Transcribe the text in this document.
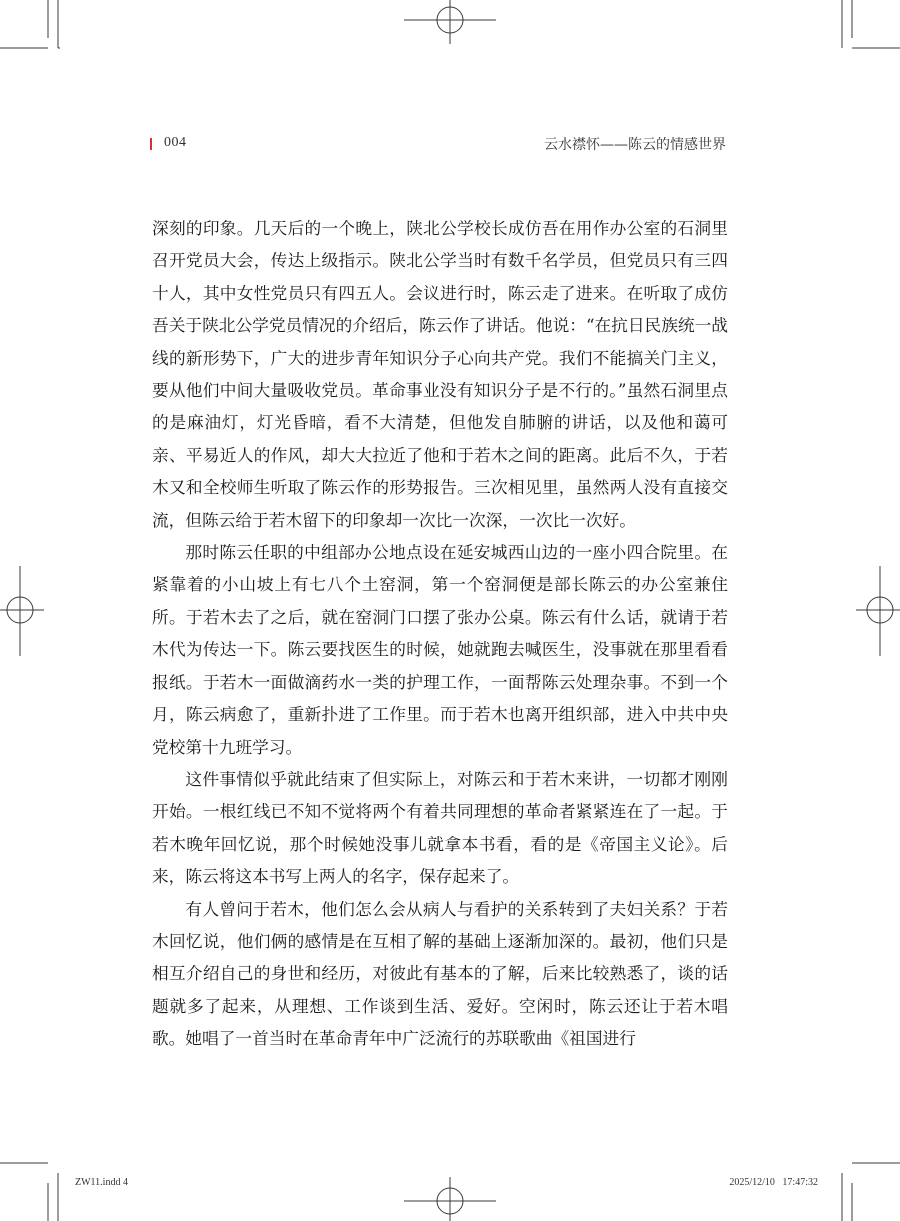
004	云水襟怀——陈云的情感世界

深刻的印象。几天后的一个晚上，陕北公学校长成仿吾在用作办公室的石洞里召开党员大会，传达上级指示。陕北公学当时有数千名学员，但党员只有三四十人，其中女性党员只有四五人。会议进行时，陈云走了进来。在听取了成仿吾关于陕北公学党员情况的介绍后，陈云作了讲话。他说：“在抗日民族统一战线的新形势下，广大的进步青年知识分子心向共产党。我们不能搞关门主义，要从他们中间大量吸收党员。革命事业没有知识分子是不行的。”虽然石洞里点的是麻油灯，灯光昏暗，看不大清楚，但他发自肺腑的讲话，以及他和蔼可亲、平易近人的作风，却大大拉近了他和于若木之间的距离。此后不久，于若木又和全校师生听取了陈云作的形势报告。三次相见里，虽然两人没有直接交流，但陈云给于若木留下的印象却一次比一次深，一次比一次好。

那时陈云任职的中组部办公地点设在延安城西山边的一座小四合院里。在紧靠着的小山坡上有七八个土窑洞，第一个窑洞便是部长陈云的办公室兼住所。于若木去了之后，就在窑洞门口摆了张办公桌。陈云有什么话，就请于若木代为传达一下。陈云要找医生的时候，她就跑去喊医生，没事就在那里看看报纸。于若木一面做滴药水一类的护理工作，一面帮陈云处理杂事。不到一个月，陈云病愈了，重新扑进了工作里。而于若木也离开组织部，进入中共中央党校第十九班学习。

这件事情似乎就此结束了但实际上，对陈云和于若木来讲，一切都才刚刚开始。一根红线已不知不觉将两个有着共同理想的革命者紧紧连在了一起。于若木晚年回忆说，那个时候她没事儿就拿本书看，看的是《帝国主义论》。后来，陈云将这本书写上两人的名字，保存起来了。

有人曾问于若木，他们怎么会从病人与看护的关系转到了夫妇关系？于若木回忆说，他们俩的感情是在互相了解的基础上逐渐加深的。最初，他们只是相互介绍自己的身世和经历，对彼此有基本的了解，后来比较熟悉了，谈的话题就多了起来，从理想、工作谈到生活、爱好。空闲时，陈云还让于若木唱歌。她唱了一首当时在革命青年中广泛流行的苏联歌曲《祖国进行

ZW11.indd 4	2025/12/10   17:47:32
